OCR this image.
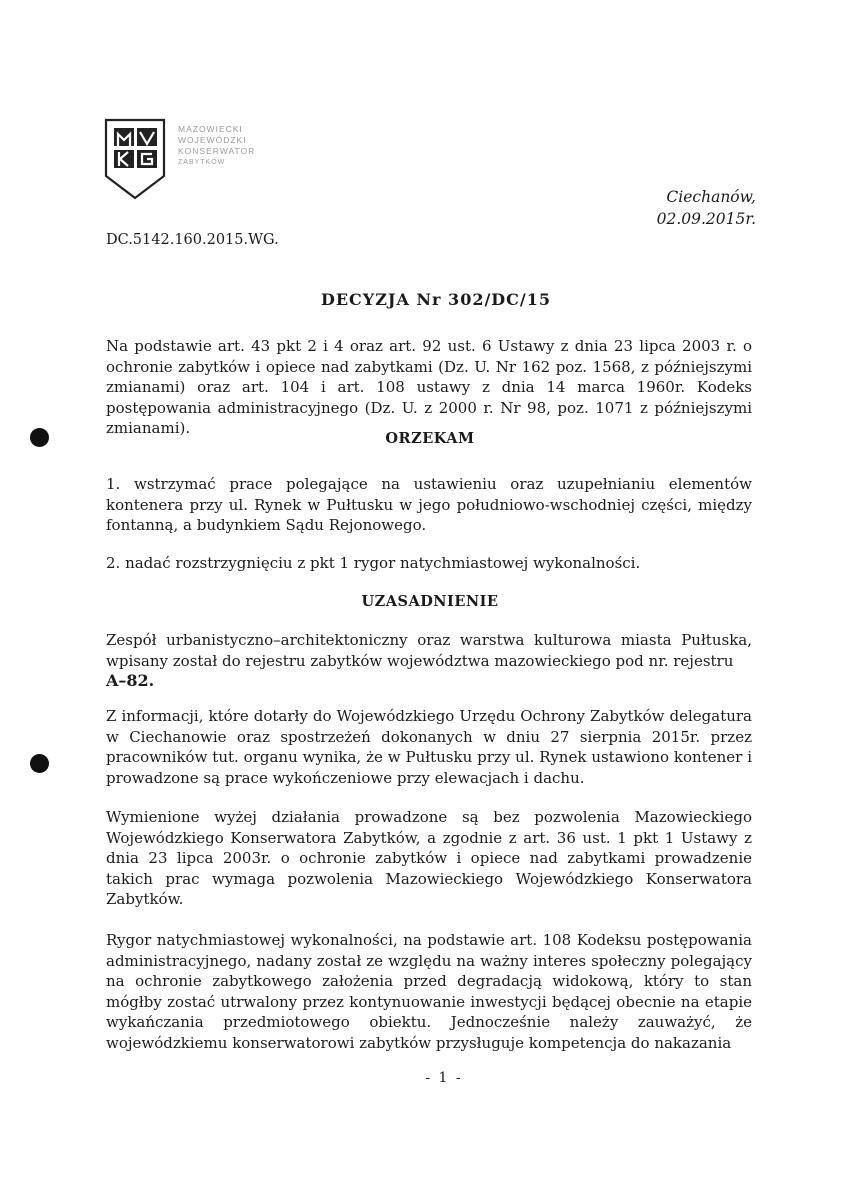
MAZOWIECKI
WOJEWÓDZKI
KONSERWATOR
ZABYTKÓW
Ciechanów,
02.09.2015r.
DC.5142.160.2015.WG.
DECYZJA Nr 302/DC/15
Na podstawie art. 43 pkt 2 i 4 oraz art. 92 ust. 6 Ustawy z dnia 23 lipca 2003 r. o ochronie zabytków i opiece nad zabytkami (Dz. U. Nr 162 poz. 1568, z późniejszymi zmianami) oraz art. 104 i art. 108 ustawy z dnia 14 marca 1960r. Kodeks postępowania administracyjnego (Dz. U. z 2000 r. Nr 98, poz. 1071 z późniejszymi zmianami).
ORZEKAM
1. wstrzymać prace polegające na ustawieniu oraz uzupełnianiu elementów kontenera przy ul. Rynek w Pułtusku w jego południowo-wschodniej części, między fontanną, a budynkiem Sądu Rejonowego.
2. nadać rozstrzygnięciu z pkt 1 rygor natychmiastowej wykonalności.
UZASADNIENIE
Zespół urbanistyczno–architektoniczny oraz warstwa kulturowa miasta Pułtuska, wpisany został do rejestru zabytków województwa mazowieckiego pod nr. rejestru
A–82.
Z informacji, które dotarły do Wojewódzkiego Urzędu Ochrony Zabytków delegatura w Ciechanowie oraz spostrzeżeń dokonanych w dniu 27 sierpnia 2015r. przez pracowników tut. organu wynika, że w Pułtusku przy ul. Rynek ustawiono kontener i prowadzone są prace wykończeniowe przy elewacjach i dachu.
Wymienione wyżej działania prowadzone są bez pozwolenia Mazowieckiego Wojewódzkiego Konserwatora Zabytków, a zgodnie z art. 36 ust. 1 pkt 1 Ustawy z dnia 23 lipca 2003r. o ochronie zabytków i opiece nad zabytkami prowadzenie takich prac wymaga pozwolenia Mazowieckiego Wojewódzkiego Konserwatora Zabytków.
Rygor natychmiastowej wykonalności, na podstawie art. 108 Kodeksu postępowania administracyjnego, nadany został ze względu na ważny interes społeczny polegający na ochronie zabytkowego założenia przed degradacją widokową, który to stan mógłby zostać utrwalony przez kontynuowanie inwestycji będącej obecnie na etapie wykańczania przedmiotowego obiektu. Jednocześnie należy zauważyć, że wojewódzkiemu konserwatorowi zabytków przysługuje kompetencja do nakazania
- 1 -
